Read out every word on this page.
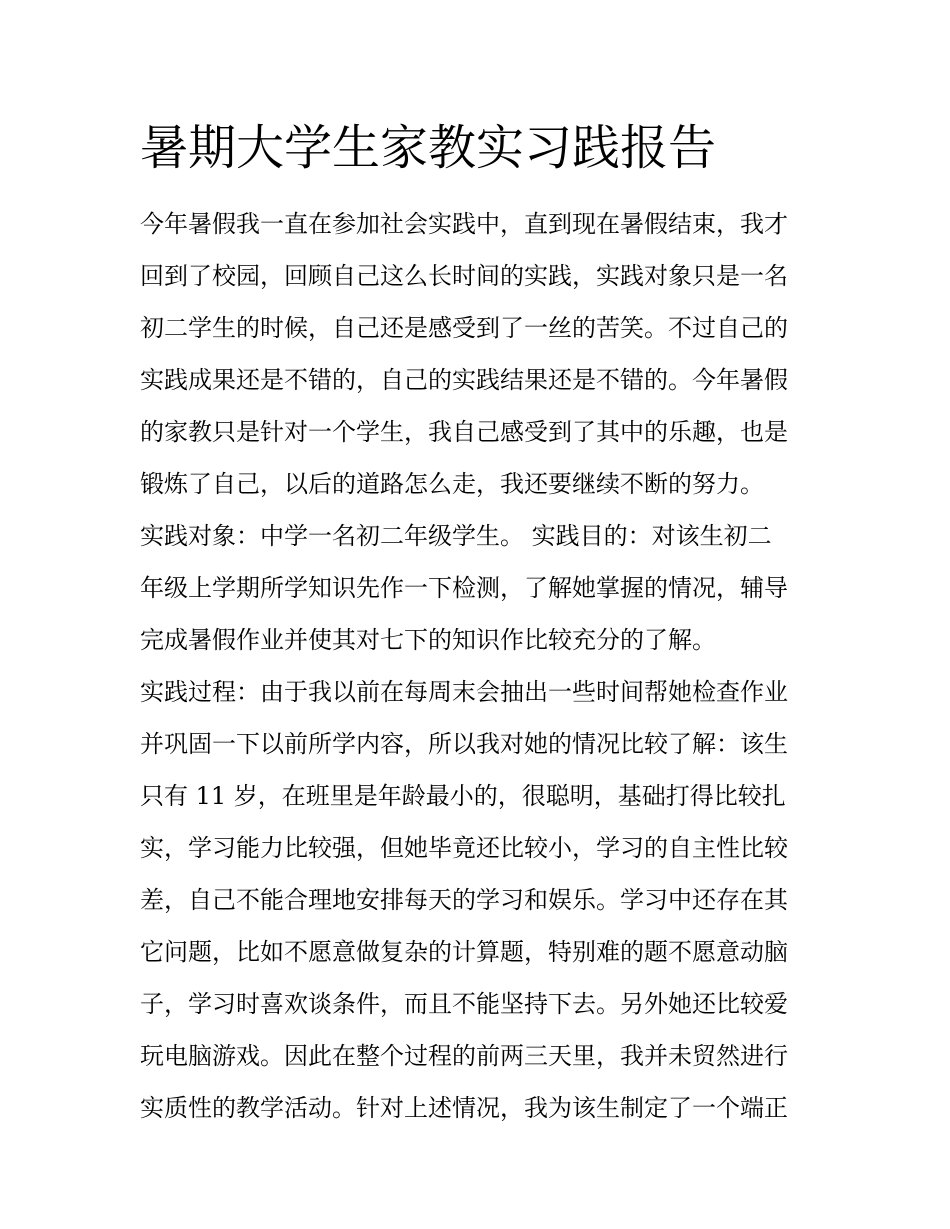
暑期大学生家教实习践报告
今年暑假我一直在参加社会实践中，直到现在暑假结束，我才
回到了校园，回顾自己这么长时间的实践，实践对象只是一名
初二学生的时候，自己还是感受到了一丝的苦笑。不过自己的
实践成果还是不错的，自己的实践结果还是不错的。今年暑假
的家教只是针对一个学生，我自己感受到了其中的乐趣，也是
锻炼了自己，以后的道路怎么走，我还要继续不断的努力。
实践对象：中学一名初二年级学生。 实践目的：对该生初二
年级上学期所学知识先作一下检测，了解她掌握的情况，辅导
完成暑假作业并使其对七下的知识作比较充分的了解。
实践过程：由于我以前在每周末会抽出一些时间帮她检查作业
并巩固一下以前所学内容，所以我对她的情况比较了解：该生
只有 11 岁，在班里是年龄最小的，很聪明，基础打得比较扎
实，学习能力比较强，但她毕竟还比较小，学习的自主性比较
差，自己不能合理地安排每天的学习和娱乐。学习中还存在其
它问题，比如不愿意做复杂的计算题，特别难的题不愿意动脑
子，学习时喜欢谈条件，而且不能坚持下去。另外她还比较爱
玩电脑游戏。因此在整个过程的前两三天里，我并未贸然进行
实质性的教学活动。针对上述情况，我为该生制定了一个端正
